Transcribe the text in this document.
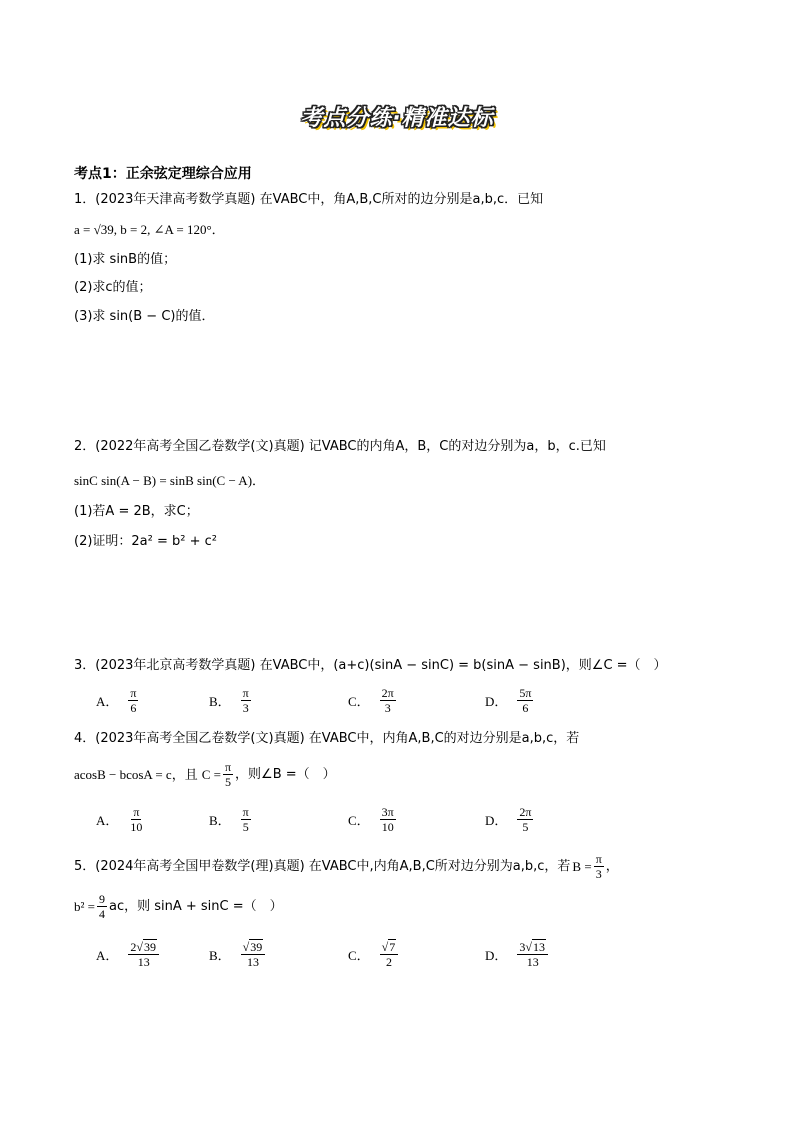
考点分练·精准达标
考点1：正余弦定理综合应用
1．(2023年天津高考数学真题) 在VABC中，角A,B,C所对的边分别是a,b,c．已知
a = √39, b = 2, ∠A = 120°．
(1)求 sinB的值；
(2)求c的值；
(3)求 sin(B − C)的值．
2．(2022年高考全国乙卷数学(文)真题) 记VABC的内角A，B，C的对边分别为a，b，c.已知
sinC sin(A − B) = sinB sin(C − A)．
(1)若A = 2B，求C；
(2)证明：2a² = b² + c²
3．(2023年北京高考数学真题) 在VABC中，(a+c)(sinA − sinC) = b(sinA − sinB)，则∠C =（　）
A． $\frac{\pi}{6}$	B． $\frac{\pi}{3}$	C． $\frac{2\pi}{3}$	D． $\frac{5\pi}{6}$
4．(2023年高考全国乙卷数学(文)真题) 在VABC中，内角A,B,C的对边分别是a,b,c，若
acosB − bcosA = c，且 $C = \frac{\pi}{5}$ ，则∠B =（　）
A． $\frac{\pi}{10}$	B． $\frac{\pi}{5}$	C． $\frac{3\pi}{10}$	D． $\frac{2\pi}{5}$
5．(2024年高考全国甲卷数学(理)真题) 在VABC中,内角A,B,C所对边分别为a,b,c，若 $B = \frac{\pi}{3}$ ，
$b^2 = \frac{9}{4}$ ac，则 sinA + sinC =（　）
A． $\frac{2√39}{13}$	B． $\frac{√39}{13}$	C． $\frac{√7}{2}$	D． $\frac{3√13}{13}$
